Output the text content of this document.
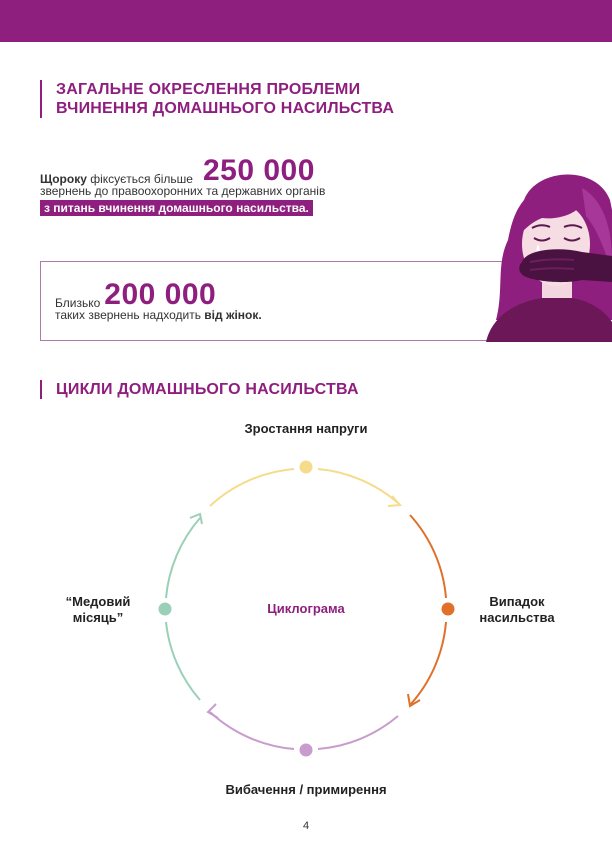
ЗАГАЛЬНЕ ОКРЕСЛЕННЯ ПРОБЛЕМИ
ВЧИНЕННЯ ДОМАШНЬОГО НАСИЛЬСТВА
Щороку фіксується більше 250 000
звернень до правоохоронних та державних органів
з питань вчинення домашнього насильства.
Близько 200 000
таких звернень надходить від жінок.
ЦИКЛИ ДОМАШНЬОГО НАСИЛЬСТВА
Зростання напруги
Випадок
насильства
Вибачення / примирення
“Медовий
місяць”
Циклограма
4
